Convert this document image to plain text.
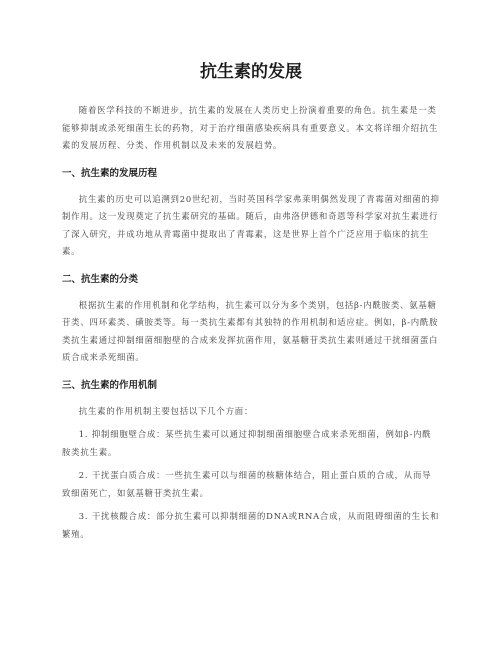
抗生素的发展

随着医学科技的不断进步，抗生素的发展在人类历史上扮演着重要的角色。抗生素是一类能够抑制或杀死细菌生长的药物，对于治疗细菌感染疾病具有重要意义。本文将详细介绍抗生素的发展历程、分类、作用机制以及未来的发展趋势。

一、抗生素的发展历程

抗生素的历史可以追溯到20世纪初，当时英国科学家弗莱明偶然发现了青霉菌对细菌的抑制作用。这一发现奠定了抗生素研究的基础。随后，由弗洛伊德和奇恩等科学家对抗生素进行了深入研究，并成功地从青霉菌中提取出了青霉素，这是世界上首个广泛应用于临床的抗生素。

二、抗生素的分类

根据抗生素的作用机制和化学结构，抗生素可以分为多个类别，包括β-内酰胺类、氨基糖苷类、四环素类、磺胺类等。每一类抗生素都有其独特的作用机制和适应症。例如，β-内酰胺类抗生素通过抑制细菌细胞壁的合成来发挥抗菌作用，氨基糖苷类抗生素则通过干扰细菌蛋白质合成来杀死细菌。

三、抗生素的作用机制

抗生素的作用机制主要包括以下几个方面：

1. 抑制细胞壁合成：某些抗生素可以通过抑制细菌细胞壁合成来杀死细菌，例如β-内酰胺类抗生素。

2. 干扰蛋白质合成：一些抗生素可以与细菌的核糖体结合，阻止蛋白质的合成，从而导致细菌死亡，如氨基糖苷类抗生素。

3. 干扰核酸合成：部分抗生素可以抑制细菌的DNA或RNA合成，从而阻碍细菌的生长和繁殖。
